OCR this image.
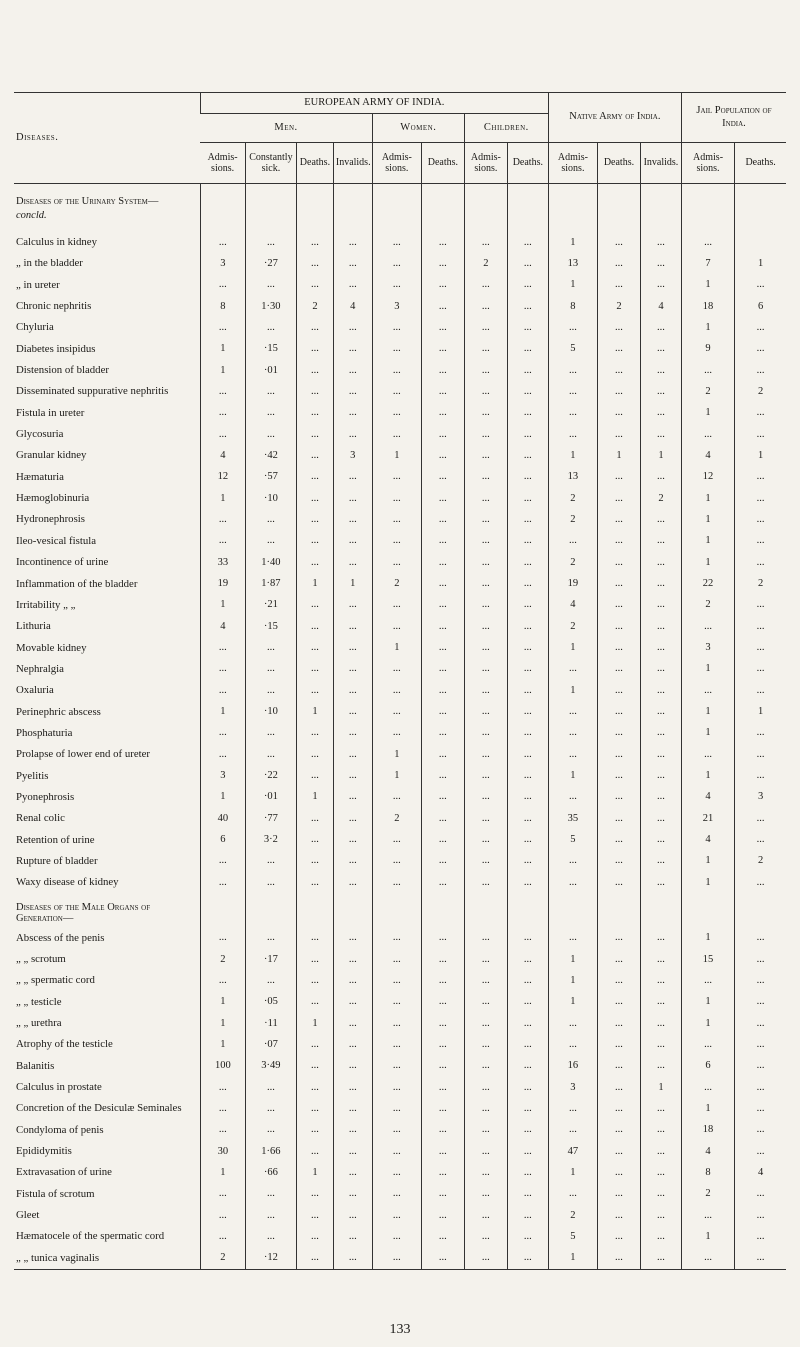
Diseases.	EUROPEAN ARMY OF INDIA.								Native Army of India.			Jail Population of India.	
	Men.				Women.		Children.						
	Admis-sions.	Constantly sick.	Deaths.	Invalids.	Admis-sions.	Deaths.	Admis-sions.	Deaths.	Admis-sions.	Deaths.	Invalids.	Admis-sions.	Deaths.
Diseases of the Urinary System—													
concld.													
Calculus in kidney	...	...	...	...	...	...	...	...	1	...	...	...	
„ in the bladder	3	·27	...	...	...	...	2	...	13	...	...	7	1
„ in ureter	...	...	...	...	...	...	...	...	1	...	...	1	...
Chronic nephritis	8	1·30	2	4	3	...	...	...	8	2	4	18	6
Chyluria	...	...	...	...	...	...	...	...	...	...	...	1	...
Diabetes insipidus	1	·15	...	...	...	...	...	...	5	...	...	9	...
Distension of bladder	1	·01	...	...	...	...	...	...	...	...	...	...	...
Disseminated suppurative nephritis	...	...	...	...	...	...	...	...	...	...	...	2	2
Fistula in ureter	...	...	...	...	...	...	...	...	...	...	...	1	...
Glycosuria	...	...	...	...	...	...	...	...	...	...	...	...	...
Granular kidney	4	·42	...	3	1	...	...	...	1	1	1	4	1
Hæmaturia	12	·57	...	...	...	...	...	...	13	...	...	12	...
Hæmoglobinuria	1	·10	...	...	...	...	...	...	2	...	2	1	...
Hydronephrosis	...	...	...	...	...	...	...	...	2	...	...	1	...
Ileo-vesical fistula	...	...	...	...	...	...	...	...	...	...	...	1	...
Incontinence of urine	33	1·40	...	...	...	...	...	...	2	...	...	1	...
Inflammation of the bladder	19	1·87	1	1	2	...	...	...	19	...	...	22	2
Irritability „ „	1	·21	...	...	...	...	...	...	4	...	...	2	...
Lithuria	4	·15	...	...	...	...	...	...	2	...	...	...	...
Movable kidney	...	...	...	...	1	...	...	...	1	...	...	3	...
Nephralgia	...	...	...	...	...	...	...	...	...	...	...	1	...
Oxaluria	...	...	...	...	...	...	...	...	1	...	...	...	...
Perinephric abscess	1	·10	1	...	...	...	...	...	...	...	...	1	1
Phosphaturia	...	...	...	...	...	...	...	...	...	...	...	1	...
Prolapse of lower end of ureter	...	...	...	...	1	...	...	...	...	...	...	...	...
Pyelitis	3	·22	...	...	1	...	...	...	1	...	...	1	...
Pyonephrosis	1	·01	1	...	...	...	...	...	...	...	...	4	3
Renal colic	40	·77	...	...	2	...	...	...	35	...	...	21	...
Retention of urine	6	3·2	...	...	...	...	...	...	5	...	...	4	...
Rupture of bladder	...	...	...	...	...	...	...	...	...	...	...	1	2
Waxy disease of kidney	...	...	...	...	...	...	...	...	...	...	...	1	...
Diseases of the Male Organs of Generation—													
Abscess of the penis	...	...	...	...	...	...	...	...	...	...	...	1	...
„ „ scrotum	2	·17	...	...	...	...	...	...	1	...	...	15	...
„ „ spermatic cord	...	...	...	...	...	...	...	...	1	...	...	...	...
„ „ testicle	1	·05	...	...	...	...	...	...	1	...	...	1	...
„ „ urethra	1	·11	1	...	...	...	...	...	...	...	...	1	...
Atrophy of the testicle	1	·07	...	...	...	...	...	...	...	...	...	...	...
Balanitis	100	3·49	...	...	...	...	...	...	16	...	...	6	...
Calculus in prostate	...	...	...	...	...	...	...	...	3	...	1	...	...
Concretion of the Desiculæ Seminales	...	...	...	...	...	...	...	...	...	...	...	1	...
Condyloma of penis	...	...	...	...	...	...	...	...	...	...	...	18	...
Epididymitis	30	1·66	...	...	...	...	...	...	47	...	...	4	...
Extravasation of urine	1	·66	1	...	...	...	...	...	1	...	...	8	4
Fistula of scrotum	...	...	...	...	...	...	...	...	...	...	...	2	...
Gleet	...	...	...	...	...	...	...	...	2	...	...	...	...
Hæmatocele of the spermatic cord	...	...	...	...	...	...	...	...	5	...	...	1	...
„ „ tunica vaginalis	2	·12	...	...	...	...	...	...	1	...	...	...	...
133
